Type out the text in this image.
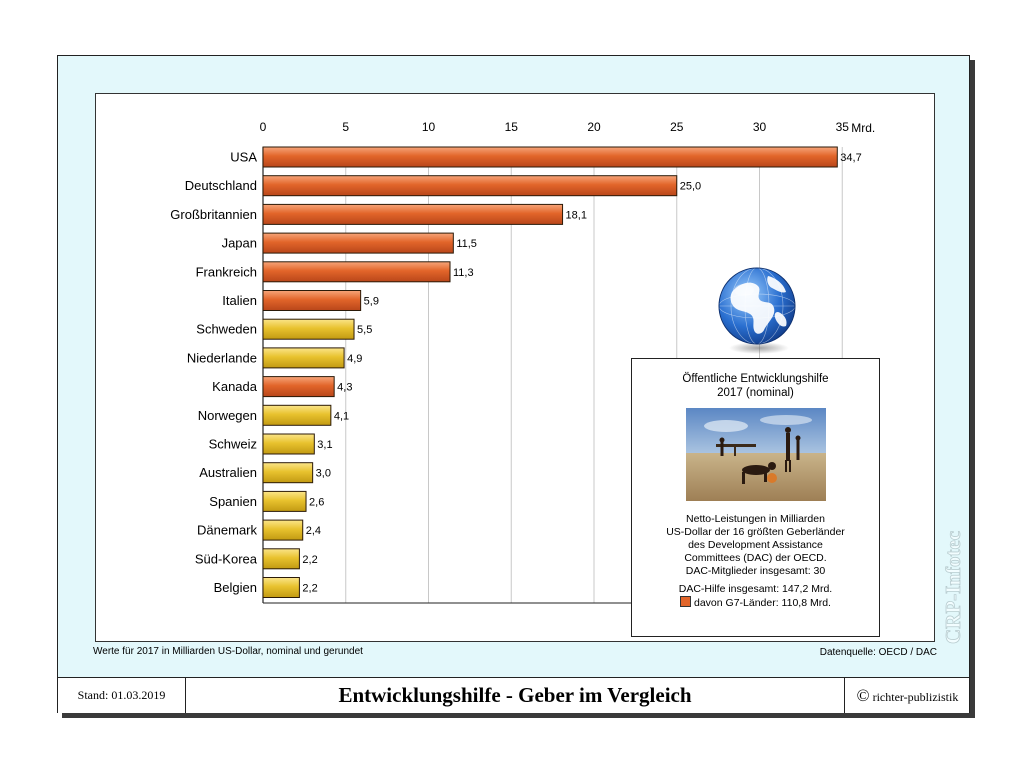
0	5	10	15	20	25	30	35 Mrd.
USA	34,7
Deutschland	25,0
Großbritannien	18,1
Japan	11,5
Frankreich	11,3
Italien	5,9
Schweden	5,5
Niederlande	4,9
Kanada	4,3
Norwegen	4,1
Schweiz	3,1
Australien	3,0
Spanien	2,6
Dänemark	2,4
Süd-Korea	2,2
Belgien	2,2
Öffentliche Entwicklungshilfe
2017 (nominal)
Netto-Leistungen in Milliarden
US-Dollar der 16 größten Geberländer
des Development Assistance
Committees (DAC) der OECD.
DAC-Mitglieder insgesamt: 30
DAC-Hilfe insgesamt: 147,2 Mrd.
davon G7-Länder: 110,8 Mrd.
Werte für 2017 in Milliarden US-Dollar, nominal und gerundet	Datenquelle: OECD / DAC
CRP-Infotec
Stand: 01.03.2019	Entwicklungshilfe - Geber im Vergleich	© richter-publizistik
